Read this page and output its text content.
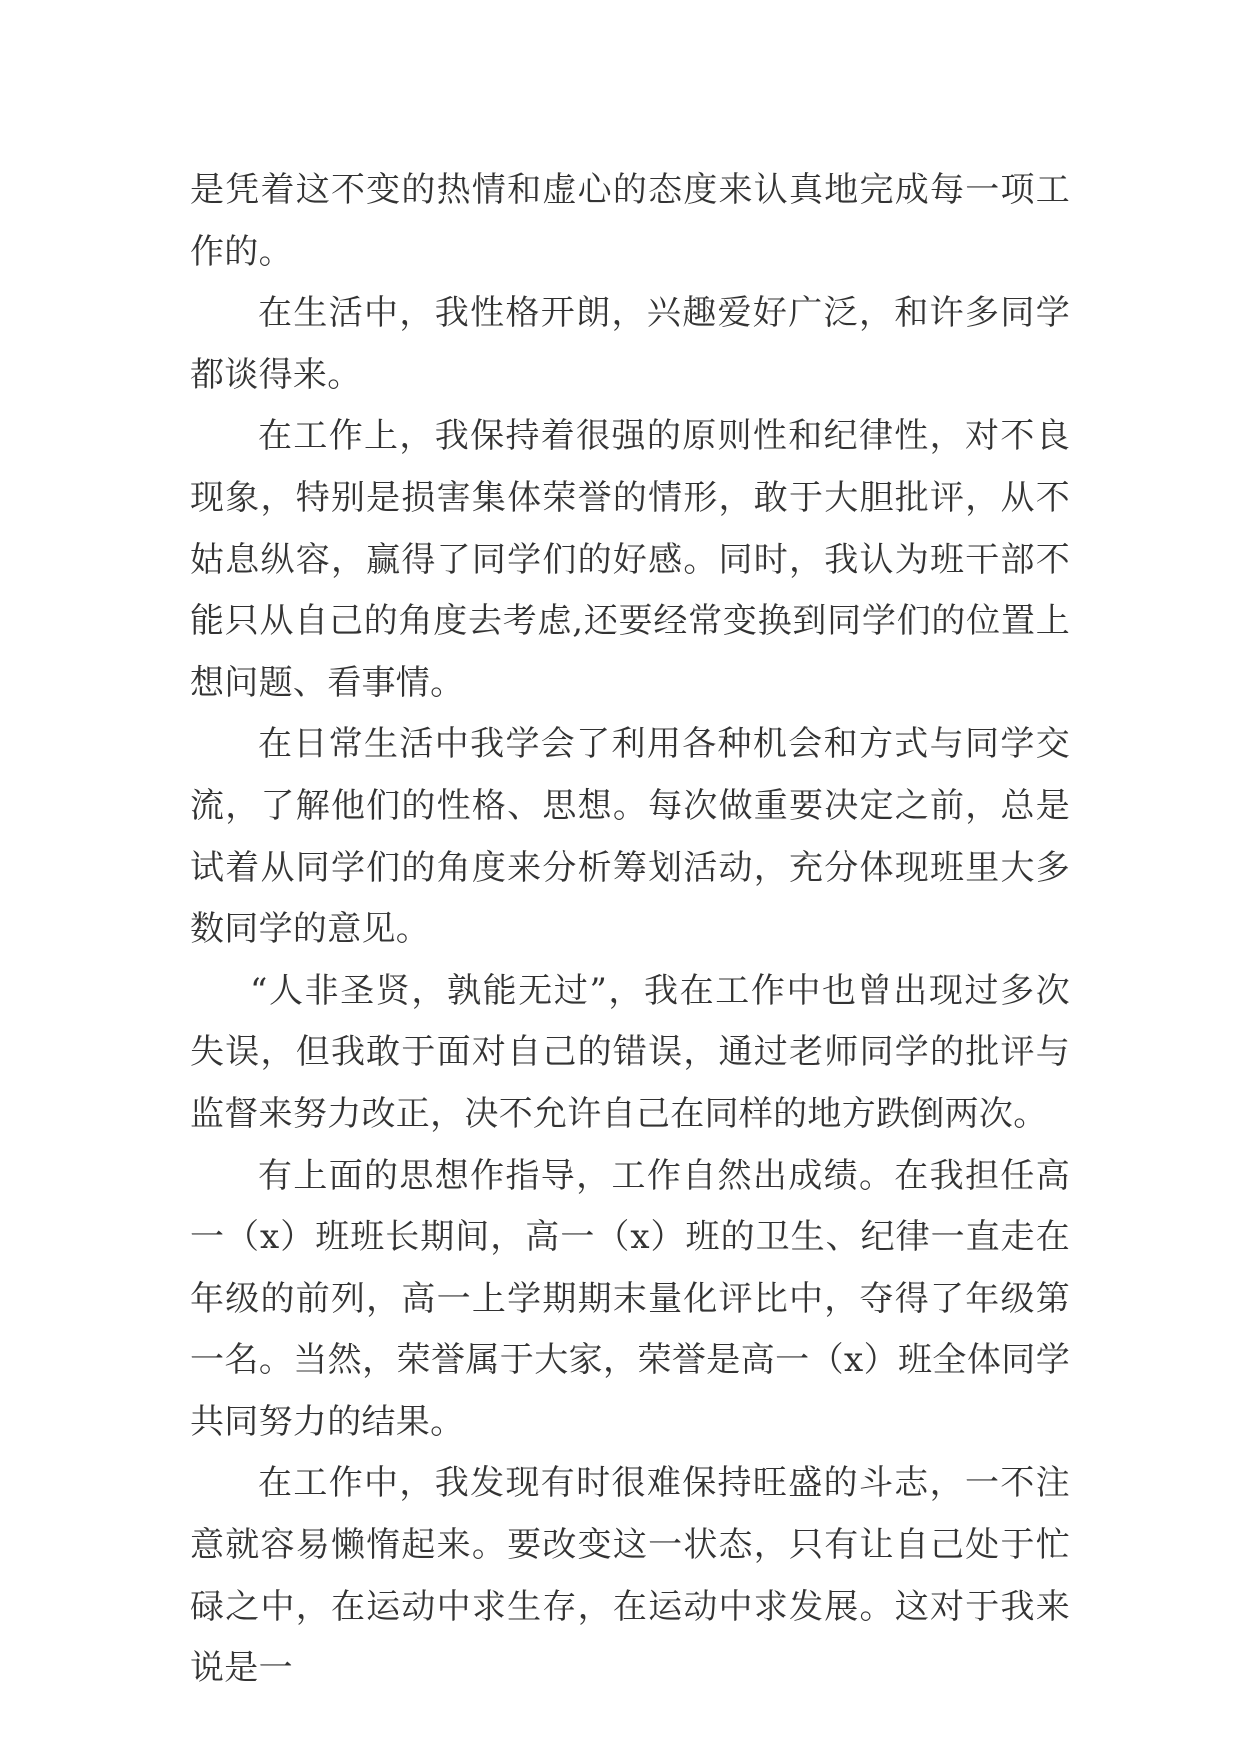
是凭着这不变的热情和虚心的态度来认真地完成每一项工作的。

在生活中，我性格开朗，兴趣爱好广泛，和许多同学都谈得来。

在工作上，我保持着很强的原则性和纪律性，对不良现象，特别是损害集体荣誉的情形，敢于大胆批评，从不姑息纵容，赢得了同学们的好感。同时，我认为班干部不能只从自己的角度去考虑,还要经常变换到同学们的位置上想问题、看事情。

在日常生活中我学会了利用各种机会和方式与同学交流，了解他们的性格、思想。每次做重要决定之前，总是试着从同学们的角度来分析筹划活动，充分体现班里大多数同学的意见。

“人非圣贤，孰能无过”，我在工作中也曾出现过多次失误，但我敢于面对自己的错误，通过老师同学的批评与监督来努力改正，决不允许自己在同样的地方跌倒两次。

有上面的思想作指导，工作自然出成绩。在我担任高一（x）班班长期间，高一（x）班的卫生、纪律一直走在年级的前列，高一上学期期末量化评比中，夺得了年级第一名。当然，荣誉属于大家，荣誉是高一（x）班全体同学共同努力的结果。

在工作中，我发现有时很难保持旺盛的斗志，一不注意就容易懒惰起来。要改变这一状态，只有让自己处于忙碌之中，在运动中求生存，在运动中求发展。这对于我来说是一
